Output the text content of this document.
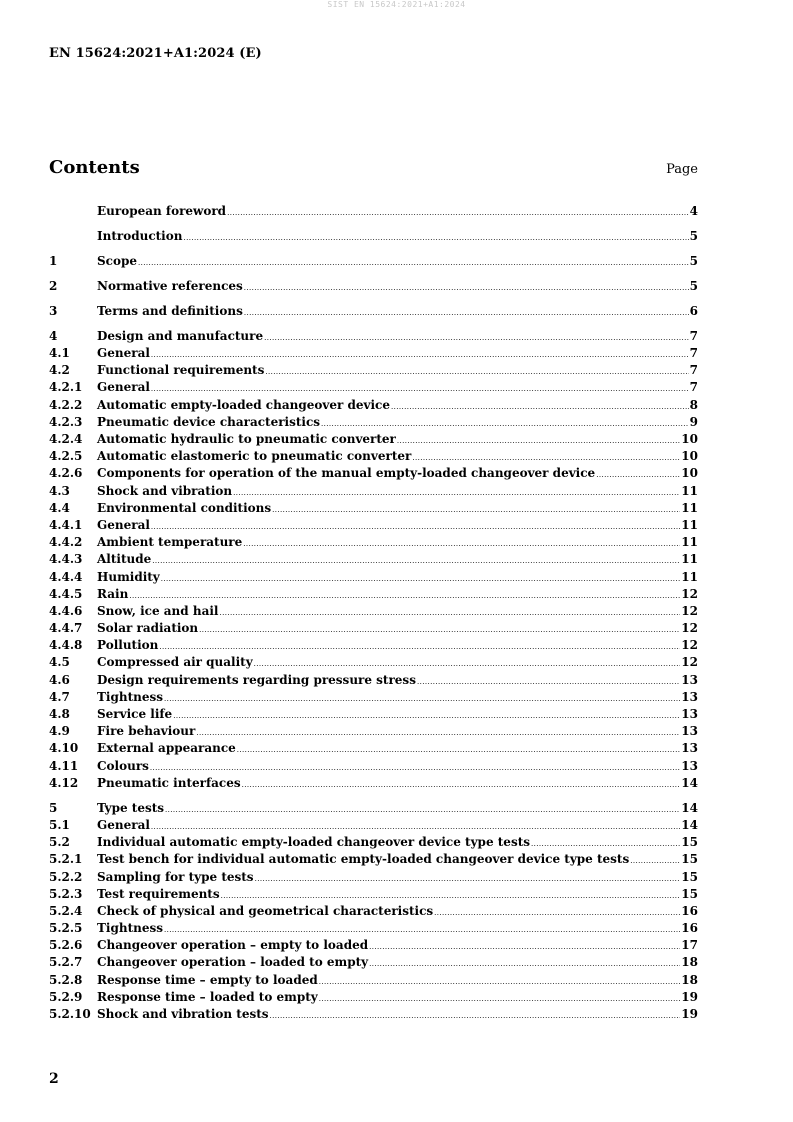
SIST EN 15624:2021+A1:2024
EN 15624:2021+A1:2024 (E)
Contents	Page
European foreword .....	4
Introduction .....	5
1	Scope .....	5
2	Normative references .....	5
3	Terms and definitions .....	6
4	Design and manufacture .....	7
4.1	General .....	7
4.2	Functional requirements .....	7
4.2.1	General .....	7
4.2.2	Automatic empty-loaded changeover device .....	8
4.2.3	Pneumatic device characteristics .....	9
4.2.4	Automatic hydraulic to pneumatic converter .....	10
4.2.5	Automatic elastomeric to pneumatic converter .....	10
4.2.6	Components for operation of the manual empty-loaded changeover device .....	10
4.3	Shock and vibration .....	11
4.4	Environmental conditions .....	11
4.4.1	General .....	11
4.4.2	Ambient temperature .....	11
4.4.3	Altitude .....	11
4.4.4	Humidity .....	11
4.4.5	Rain .....	12
4.4.6	Snow, ice and hail .....	12
4.4.7	Solar radiation .....	12
4.4.8	Pollution .....	12
4.5	Compressed air quality .....	12
4.6	Design requirements regarding pressure stress .....	13
4.7	Tightness .....	13
4.8	Service life .....	13
4.9	Fire behaviour .....	13
4.10	External appearance .....	13
4.11	Colours .....	13
4.12	Pneumatic interfaces .....	14
5	Type tests .....	14
5.1	General .....	14
5.2	Individual automatic empty-loaded changeover device type tests .....	15
5.2.1	Test bench for individual automatic empty-loaded changeover device type tests .....	15
5.2.2	Sampling for type tests .....	15
5.2.3	Test requirements .....	15
5.2.4	Check of physical and geometrical characteristics .....	16
5.2.5	Tightness .....	16
5.2.6	Changeover operation – empty to loaded .....	17
5.2.7	Changeover operation – loaded to empty .....	18
5.2.8	Response time – empty to loaded .....	18
5.2.9	Response time – loaded to empty .....	19
5.2.10 Shock and vibration tests .....	19
2
